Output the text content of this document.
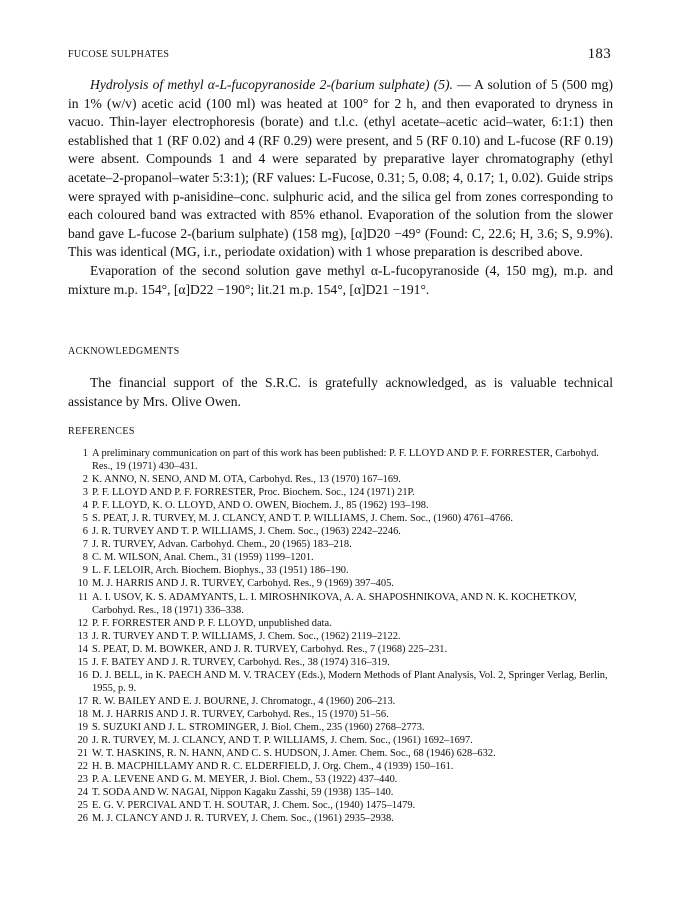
FUCOSE SULPHATES	183

Hydrolysis of methyl α-L-fucopyranoside 2-(barium sulphate) (5). — A solution of 5 (500 mg) in 1% (w/v) acetic acid (100 ml) was heated at 100° for 2 h, and then evaporated to dryness in vacuo. Thin-layer electrophoresis (borate) and t.l.c. (ethyl acetate–acetic acid–water, 6:1:1) then established that 1 (RF 0.02) and 4 (RF 0.29) were present, and 5 (RF 0.10) and L-fucose (RF 0.19) were absent. Compounds 1 and 4 were separated by preparative layer chromatography (ethyl acetate–2-propanol–water 5:3:1); (RF values: L-Fucose, 0.31; 5, 0.08; 4, 0.17; 1, 0.02). Guide strips were sprayed with p-anisidine–conc. sulphuric acid, and the silica gel from zones corresponding to each coloured band was extracted with 85% ethanol. Evaporation of the solution from the slower band gave L-fucose 2-(barium sulphate) (158 mg), [α]D20 −49° (Found: C, 22.6; H, 3.6; S, 9.9%). This was identical (MG, i.r., periodate oxidation) with 1 whose preparation is described above.

Evaporation of the second solution gave methyl α-L-fucopyranoside (4, 150 mg), m.p. and mixture m.p. 154°, [α]D22 −190°; lit.21 m.p. 154°, [α]D21 −191°.

ACKNOWLEDGMENTS

The financial support of the S.R.C. is gratefully acknowledged, as is valuable technical assistance by Mrs. Olive Owen.

REFERENCES
1 A preliminary communication on part of this work has been published: P. F. LLOYD AND P. F. FORRESTER, Carbohyd. Res., 19 (1971) 430–431.
2 K. ANNO, N. SENO, AND M. OTA, Carbohyd. Res., 13 (1970) 167–169.
3 P. F. LLOYD AND P. F. FORRESTER, Proc. Biochem. Soc., 124 (1971) 21P.
4 P. F. LLOYD, K. O. LLOYD, AND O. OWEN, Biochem. J., 85 (1962) 193–198.
5 S. PEAT, J. R. TURVEY, M. J. CLANCY, AND T. P. WILLIAMS, J. Chem. Soc., (1960) 4761–4766.
6 J. R. TURVEY AND T. P. WILLIAMS, J. Chem. Soc., (1963) 2242–2246.
7 J. R. TURVEY, Advan. Carbohyd. Chem., 20 (1965) 183–218.
8 C. M. WILSON, Anal. Chem., 31 (1959) 1199–1201.
9 L. F. LELOIR, Arch. Biochem. Biophys., 33 (1951) 186–190.
10 M. J. HARRIS AND J. R. TURVEY, Carbohyd. Res., 9 (1969) 397–405.
11 A. I. USOV, K. S. ADAMYANTS, L. I. MIROSHNIKOVA, A. A. SHAPOSHNIKOVA, AND N. K. KOCHETKOV, Carbohyd. Res., 18 (1971) 336–338.
12 P. F. FORRESTER AND P. F. LLOYD, unpublished data.
13 J. R. TURVEY AND T. P. WILLIAMS, J. Chem. Soc., (1962) 2119–2122.
14 S. PEAT, D. M. BOWKER, AND J. R. TURVEY, Carbohyd. Res., 7 (1968) 225–231.
15 J. F. BATEY AND J. R. TURVEY, Carbohyd. Res., 38 (1974) 316–319.
16 D. J. BELL, in K. PAECH AND M. V. TRACEY (Eds.), Modern Methods of Plant Analysis, Vol. 2, Springer Verlag, Berlin, 1955, p. 9.
17 R. W. BAILEY AND E. J. BOURNE, J. Chromatogr., 4 (1960) 206–213.
18 M. J. HARRIS AND J. R. TURVEY, Carbohyd. Res., 15 (1970) 51–56.
19 S. SUZUKI AND J. L. STROMINGER, J. Biol. Chem., 235 (1960) 2768–2773.
20 J. R. TURVEY, M. J. CLANCY, AND T. P. WILLIAMS, J. Chem. Soc., (1961) 1692–1697.
21 W. T. HASKINS, R. N. HANN, AND C. S. HUDSON, J. Amer. Chem. Soc., 68 (1946) 628–632.
22 H. B. MACPHILLAMY AND R. C. ELDERFIELD, J. Org. Chem., 4 (1939) 150–161.
23 P. A. LEVENE AND G. M. MEYER, J. Biol. Chem., 53 (1922) 437–440.
24 T. SODA AND W. NAGAI, Nippon Kagaku Zasshi, 59 (1938) 135–140.
25 E. G. V. PERCIVAL AND T. H. SOUTAR, J. Chem. Soc., (1940) 1475–1479.
26 M. J. CLANCY AND J. R. TURVEY, J. Chem. Soc., (1961) 2935–2938.
